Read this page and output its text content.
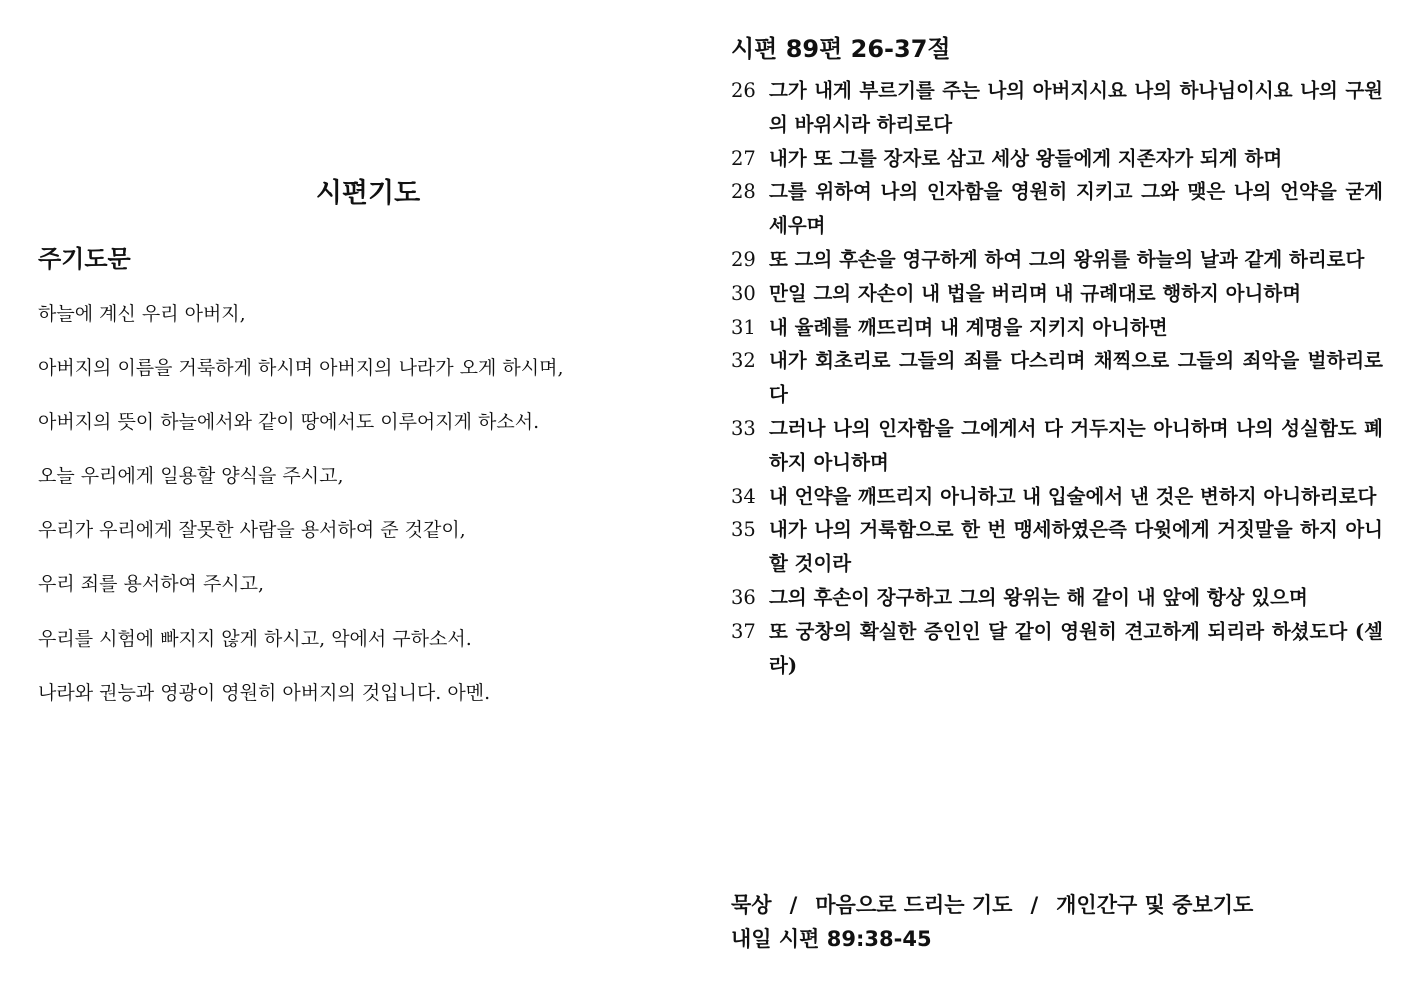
시편기도
주기도문

하늘에 계신 우리 아버지,

아버지의 이름을 거룩하게 하시며 아버지의 나라가 오게 하시며,

아버지의 뜻이 하늘에서와 같이 땅에서도 이루어지게 하소서.

오늘 우리에게 일용할 양식을 주시고,

우리가 우리에게 잘못한 사람을 용서하여 준 것같이,

우리 죄를 용서하여 주시고,

우리를 시험에 빠지지 않게 하시고, 악에서 구하소서.

나라와 권능과 영광이 영원히 아버지의 것입니다. 아멘.

시편 89편 26-37절

26 그가 내게 부르기를 주는 나의 아버지시요 나의 하나님이시요 나의 구원의 바위시라 하리로다

27 내가 또 그를 장자로 삼고 세상 왕들에게 지존자가 되게 하며

28 그를 위하여 나의 인자함을 영원히 지키고 그와 맺은 나의 언약을 굳게 세우며

29 또 그의 후손을 영구하게 하여 그의 왕위를 하늘의 날과 같게 하리로다

30 만일 그의 자손이 내 법을 버리며 내 규례대로 행하지 아니하며

31 내 율례를 깨뜨리며 내 계명을 지키지 아니하면

32 내가 회초리로 그들의 죄를 다스리며 채찍으로 그들의 죄악을 벌하리로다

33 그러나 나의 인자함을 그에게서 다 거두지는 아니하며 나의 성실함도 폐하지 아니하며

34 내 언약을 깨뜨리지 아니하고 내 입술에서 낸 것은 변하지 아니하리로다

35 내가 나의 거룩함으로 한 번 맹세하였은즉 다윗에게 거짓말을 하지 아니할 것이라

36 그의 후손이 장구하고 그의 왕위는 해 같이 내 앞에 항상 있으며

37 또 궁창의 확실한 증인인 달 같이 영원히 견고하게 되리라 하셨도다 (셀라)

묵상 / 마음으로 드리는 기도 / 개인간구 및 중보기도

내일 시편 89:38-45
